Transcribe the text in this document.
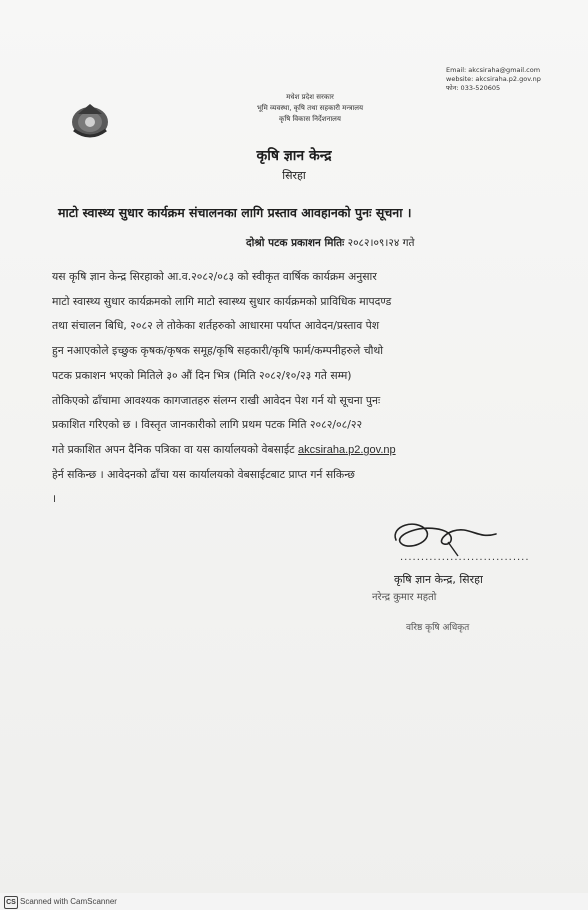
मधेश प्रदेश सरकार
भूमि व्यवस्था, कृषि तथा सहकारी मन्त्रालय
कृषि विकास निर्देशनालय
Email: akcsiraha@gmail.com
website: akcsiraha.p2.gov.np
फोन: 033-520605
कृषि ज्ञान केन्द्र
सिरहा
माटो स्वास्थ्य सुधार कार्यक्रम संचालनका लागि प्रस्ताव आवहानको पुनः सूचना ।
दोश्रो पटक प्रकाशन मितिः २०८२।०९।२४ गते
यस कृषि ज्ञान केन्द्र सिरहाको आ.व.२०८२/०८३ को स्वीकृत वार्षिक कार्यक्रम अनुसार
माटो स्वास्थ्य सुधार कार्यक्रमको लागि माटो स्वास्थ्य सुधार कार्यक्रमको प्राविधिक मापदण्ड
तथा संचालन बिधि, २०८२ ले तोकेका शर्तहरुको आधारमा पर्याप्त आवेदन/प्रस्ताव पेश
हुन नआएकोले इच्छुक कृषक/कृषक समूह/कृषि सहकारी/कृषि फार्म/कम्पनीहरुले चौथो
पटक प्रकाशन भएको मितिले ३० औं दिन भित्र (मिति २०८२/१०/२३ गते सम्म)
तोकिएको ढाँचामा आवश्यक कागजातहरु संलग्न राखी आवेदन पेश गर्न यो सूचना पुनः
प्रकाशित गरिएको छ । विस्तृत जानकारीको लागि प्रथम पटक मिति २०८२/०८/२२
गते प्रकाशित अपन दैनिक पत्रिका वा यस कार्यालयको वेबसाईट akcsiraha.p2.gov.np
हेर्न सकिन्छ । आवेदनको ढाँचा यस कार्यालयको वेबसाईटबाट प्राप्त गर्न सकिन्छ
।
...............................
कृषि ज्ञान केन्द्र, सिरहा
नरेन्द्र कुमार महतो
वरिष्ठ कृषि अधिकृत
CS Scanned with CamScanner
